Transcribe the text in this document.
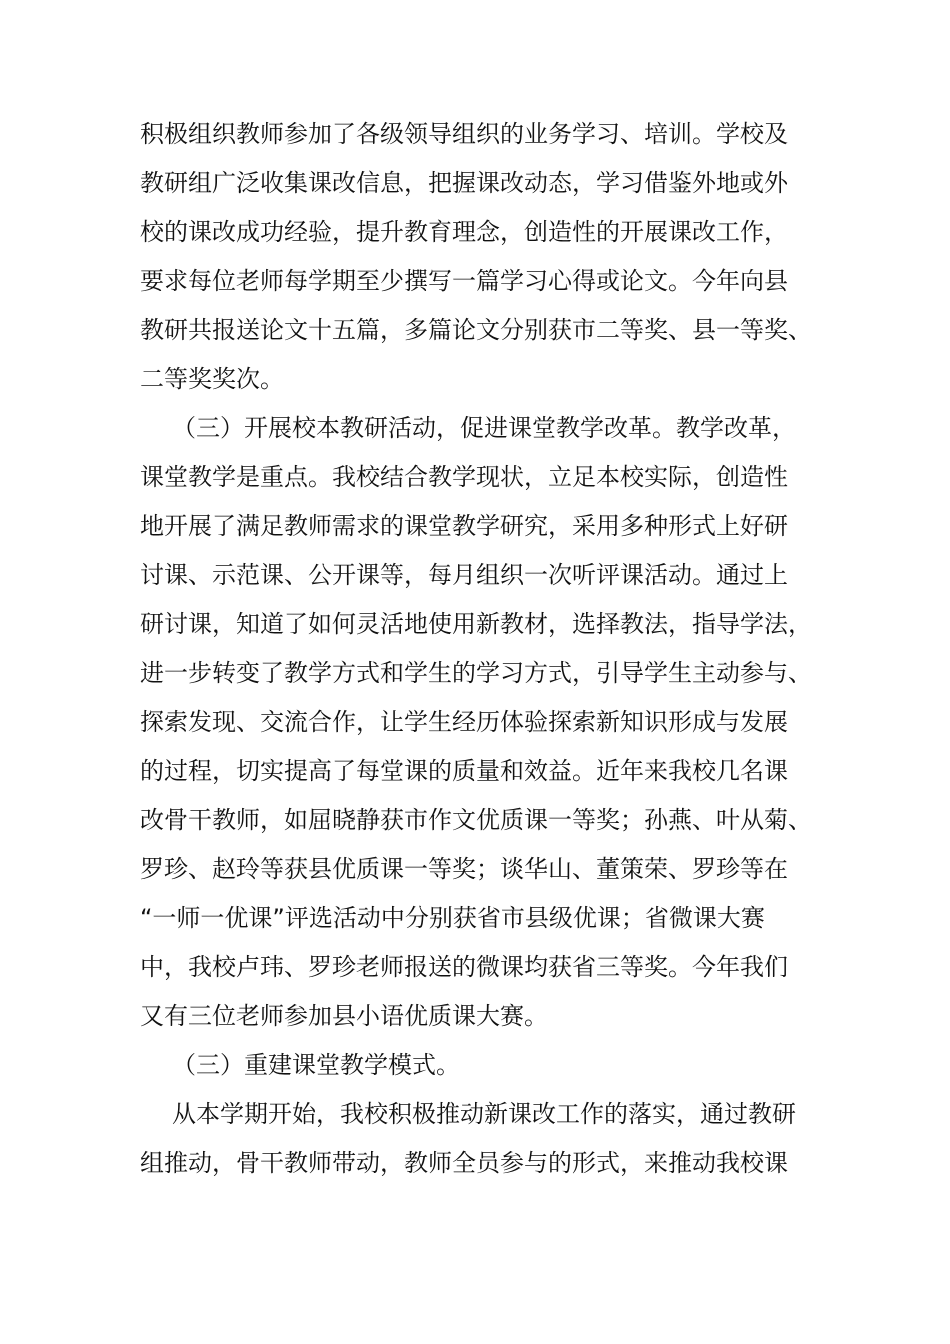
积极组织教师参加了各级领导组织的业务学习、培训。学校及
教研组广泛收集课改信息，把握课改动态，学习借鉴外地或外
校的课改成功经验，提升教育理念，创造性的开展课改工作，
要求每位老师每学期至少撰写一篇学习心得或论文。今年向县
教研共报送论文十五篇，多篇论文分别获市二等奖、县一等奖、
二等奖奖次。
（三）开展校本教研活动，促进课堂教学改革。教学改革，
课堂教学是重点。我校结合教学现状，立足本校实际，创造性
地开展了满足教师需求的课堂教学研究，采用多种形式上好研
讨课、示范课、公开课等，每月组织一次听评课活动。通过上
研讨课，知道了如何灵活地使用新教材，选择教法，指导学法，
进一步转变了教学方式和学生的学习方式，引导学生主动参与、
探索发现、交流合作，让学生经历体验探索新知识形成与发展
的过程，切实提高了每堂课的质量和效益。近年来我校几名课
改骨干教师，如屈晓静获市作文优质课一等奖；孙燕、叶从菊、
罗珍、赵玲等获县优质课一等奖；谈华山、董策荣、罗珍等在
“一师一优课”评选活动中分别获省市县级优课；省微课大赛
中，我校卢玮、罗珍老师报送的微课均获省三等奖。今年我们
又有三位老师参加县小语优质课大赛。
（三）重建课堂教学模式。
从本学期开始，我校积极推动新课改工作的落实，通过教研
组推动，骨干教师带动，教师全员参与的形式，来推动我校课
